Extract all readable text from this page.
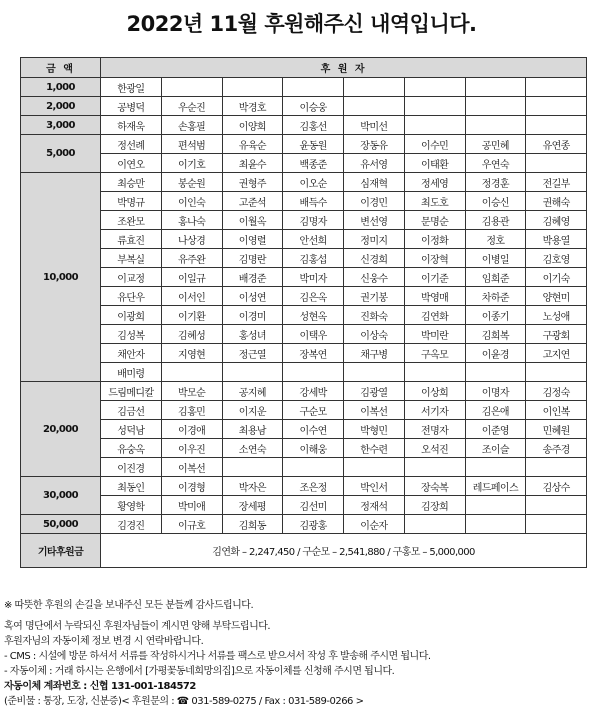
2022년 11월 후원해주신 내역입니다.
금 액	후 원 자							
1,000	한광일							
2,000	공병덕	우순진	박경호	이승웅				
3,000	하재욱	손홍필	이양희	김홍선	박미선			
5,000	정선례	편석범	유육순	윤동원	장동유	이수민	공민혜	유연종
	이연오	이기호	최윤수	백종준	유서영	이태환	우연숙	
10,000	최승만	봉순원	권형주	이오순	심재혁	정세영	정경훈	전길부
	박명규	이인숙	고준석	배득수	이경민	최도호	이승신	권해숙
	조완모	홍나숙	이월옥	김명자	변선영	문명순	김용관	김혜영
	류효진	나상경	이영렬	안선희	정미지	이정화	정호	박용열
	부복실	유주완	김명란	김홍섭	신경희	이장혁	이병일	김호영
	이교정	이일규	배경준	박미자	신웅수	이기준	임희준	이기숙
	유단우	이서인	이성연	김은옥	권기봉	박영매	차하준	양현미
	이광희	이기환	이경미	성현옥	진화숙	김연화	이종기	노성애
	김성복	김혜성	홍성녀	이택우	이상숙	박미란	김희복	구광회
	채안자	지영현	정근열	장복연	채구병	구옥모	이윤경	고지연
	배미령							
20,000	드림메디칼	박모순	공지혜	강세박	김광열	이상희	이명자	김정숙
	김금선	김홍민	이지운	구순모	이복선	서기자	김은애	이인복
	성덕남	이경애	최용남	이수연	박형민	전명자	이준영	민혜원
	유숭옥	이우진	소연숙	이해웅	한수련	오석진	조이슬	송주경
	이진경	이복선						
30,000	최동인	이경형	박자은	조은정	박인서	장숙복	레드페이스	김상수
	황영학	박미애	장세평	김선미	정재석	김장희		
50,000	김경진	이규호	김희동	김광홍	이순자			
기타후원금	김연화 – 2,247,450 / 구순모 – 2,541,880 / 구홍모 – 5,000,000							
※ 따뜻한 후원의 손길을 보내주신 모든 분들께 감사드립니다.
혹여 명단에서 누락되신 후원자님들이 계시면 양해 부탁드립니다.
후원자님의 자동이체 정보 변경 시 연락바랍니다.
- CMS : 시설에 방문 하셔서 서류를 작성하시거나 서류를 팩스로 받으셔서 작성 후 발송해 주시면 됩니다.
- 자동이체 : 거래 하시는 은행에서 [가평꽃동네희망의집]으로 자동이체를 신청해 주시면 됩니다.
자동이체 계좌번호 : 신협 131-001-184572
(준비물 : 통장, 도장, 신분증)< 후원문의 : ☎ 031-589-0275 / Fax : 031-589-0266 >
